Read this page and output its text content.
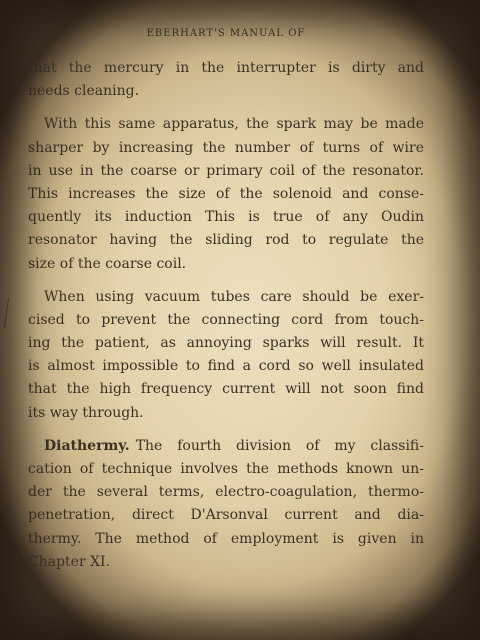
142	EBERHART'S MANUAL OF
that the mercury in the interrupter is dirty and
needs cleaning.
With this same apparatus, the spark may be made
sharper by increasing the number of turns of wire
in use in the coarse or primary coil of the resonator.
This increases the size of the solenoid and conse-
quently its induction This is true of any Oudin
resonator having the sliding rod to regulate the
size of the coarse coil.
When using vacuum tubes care should be exer-
cised to prevent the connecting cord from touch-
ing the patient, as annoying sparks will result. It
is almost impossible to find a cord so well insulated
that the high frequency current will not soon find
its way through.
Diathermy. The fourth division of my classifi-
cation of technique involves the methods known un-
der the several terms, electro-coagulation, thermo-
penetration, direct D'Arsonval current and dia-
thermy. The method of employment is given in
Chapter XI.
